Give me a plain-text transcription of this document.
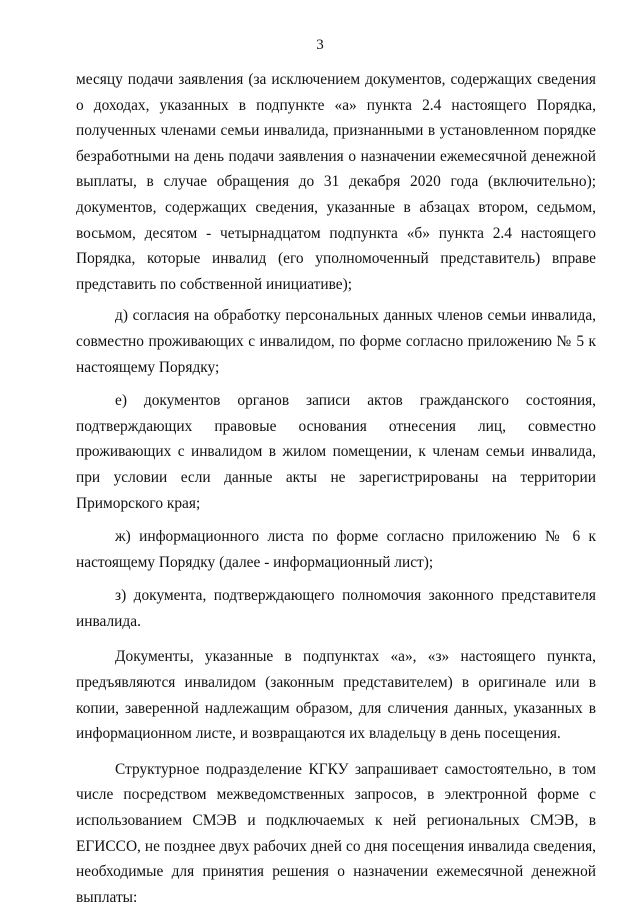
3

месяцу подачи заявления (за исключением документов, содержащих сведения о доходах, указанных в подпункте «а» пункта 2.4 настоящего Порядка, полученных членами семьи инвалида, признанными в установленном порядке безработными на день подачи заявления о назначении ежемесячной денежной выплаты, в случае обращения до 31 декабря 2020 года (включительно); документов, содержащих сведения, указанные в абзацах втором, седьмом, восьмом, десятом - четырнадцатом подпункта «б» пункта 2.4 настоящего Порядка, которые инвалид (его уполномоченный представитель) вправе представить по собственной инициативе);

д) согласия на обработку персональных данных членов семьи инвалида, совместно проживающих с инвалидом, по форме согласно приложению № 5 к настоящему Порядку;

е) документов органов записи актов гражданского состояния, подтверждающих правовые основания отнесения лиц, совместно проживающих с инвалидом в жилом помещении, к членам семьи инвалида, при условии если данные акты не зарегистрированы на территории Приморского края;

ж) информационного листа по форме согласно приложению № 6 к настоящему Порядку (далее - информационный лист);

з) документа, подтверждающего полномочия законного представителя инвалида.

Документы, указанные в подпунктах «а», «з» настоящего пункта, предъявляются инвалидом (законным представителем) в оригинале или в копии, заверенной надлежащим образом, для сличения данных, указанных в информационном листе, и возвращаются их владельцу в день посещения.

Структурное подразделение КГКУ запрашивает самостоятельно, в том числе посредством межведомственных запросов, в электронной форме с использованием СМЭВ и подключаемых к ней региональных СМЭВ, в ЕГИССО, не позднее двух рабочих дней со дня посещения инвалида сведения, необходимые для принятия решения о назначении ежемесячной денежной выплаты:
